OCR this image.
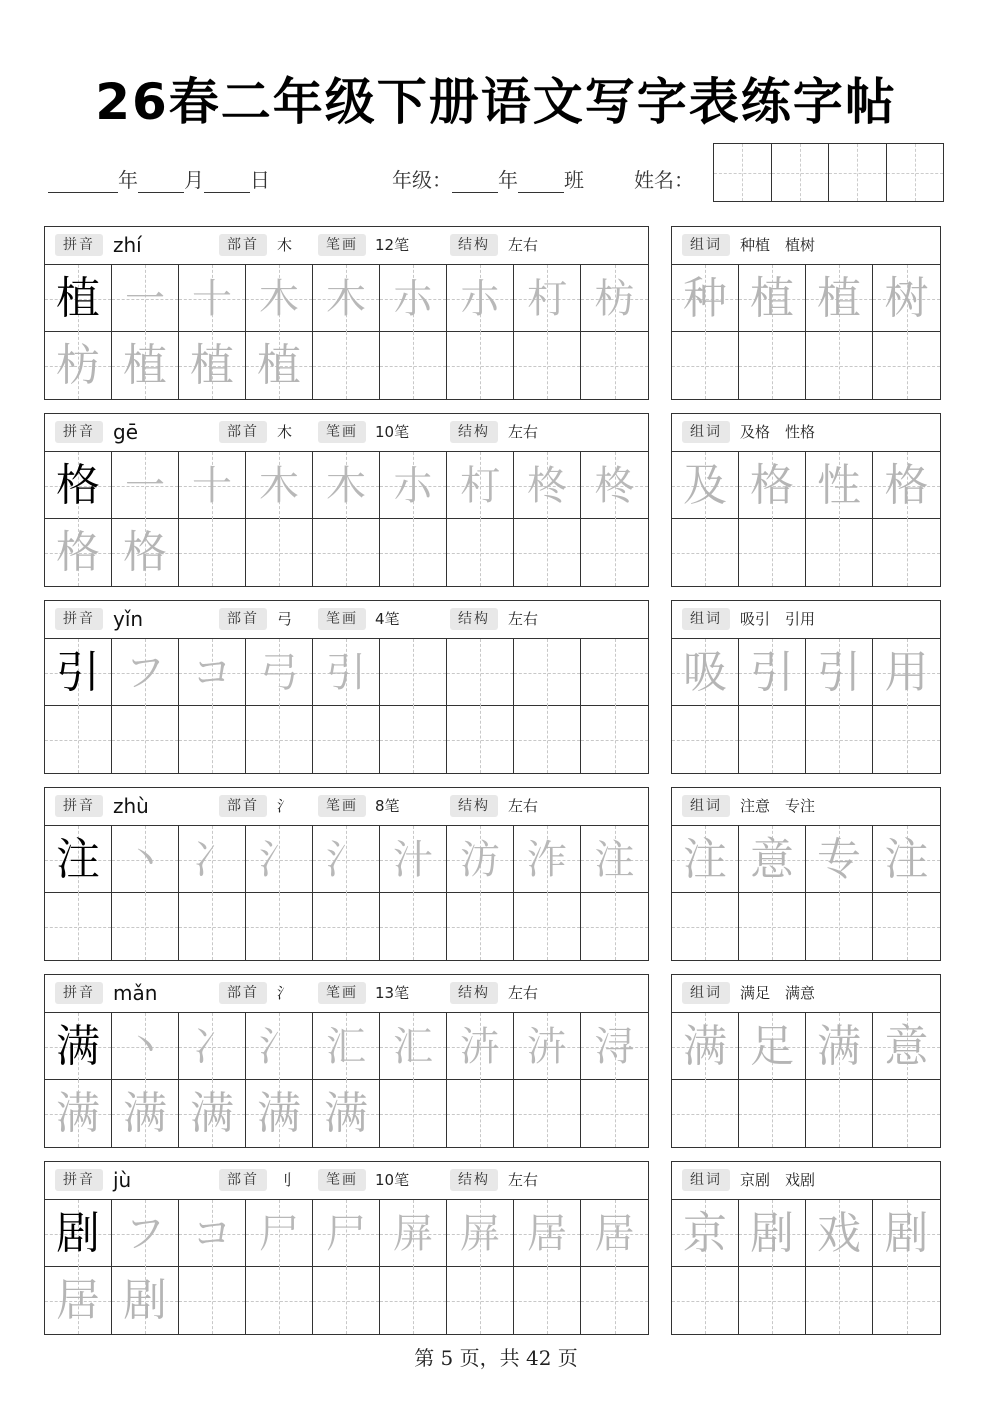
26春二年级下册语文写字表练字帖
年 月 日	年级： 年 班	姓名：
拼音 zhí	部首	木	笔画	12笔	结构	左右
植 一 十 木 木 朩 朩 朾 枋
枋 植 植 植
组词	种植　植树
种 植 植 树
拼音 gē	部首	木	笔画	10笔	结构	左右
格 一 十 木 木 朩 朾 柊 柊
格 格
组词	及格　性格
及 格 性 格
拼音 yǐn	部首	弓	笔画	4笔	结构	左右
引 フ コ 弓 引
组词	吸引　引用
吸 引 引 用
拼音 zhù	部首	氵	笔画	8笔	结构	左右
注 丶 冫 氵 氵 汁 汸 泎 注
组词	注意　专注
注 意 专 注
拼音 mǎn	部首	氵	笔画	13笔	结构	左右
满 丶 冫 氵 汇 汇 泋 泋 浔
满 满 满 满 满
组词	满足　满意
满 足 满 意
拼音 jù	部首	刂	笔画	10笔	结构	左右
剧 フ コ 尸 尸 屏 屏 居 居
居 剧
组词	京剧　戏剧
京 剧 戏 剧
第 5 页，共 42 页
